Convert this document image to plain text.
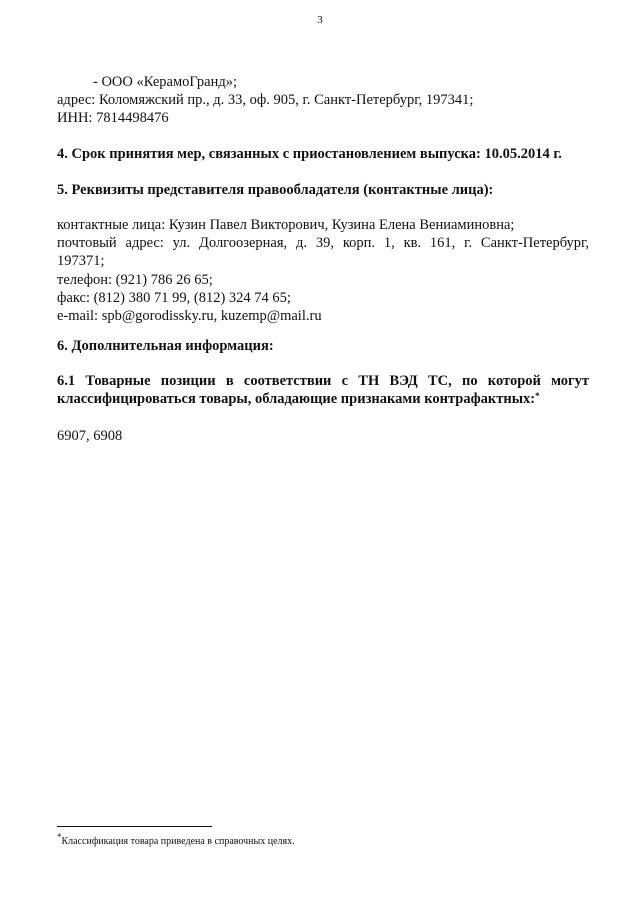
3
- ООО «КерамоГранд»;
адрес: Коломяжский пр., д. 33, оф. 905, г. Санкт-Петербург, 197341;
ИНН: 7814498476
4. Срок принятия мер, связанных с приостановлением выпуска: 10.05.2014 г.
5. Реквизиты представителя правообладателя (контактные лица):
контактные лица: Кузин Павел Викторович, Кузина Елена Вениаминовна;
почтовый адрес: ул. Долгоозерная, д. 39, корп. 1, кв. 161, г. Санкт-Петербург,
197371;
телефон: (921) 786 26 65;
факс: (812) 380 71 99, (812) 324 74 65;
e-mail: spb@gorodissky.ru, kuzemp@mail.ru
6. Дополнительная информация:
6.1 Товарные позиции в соответствии с ТН ВЭД ТС, по которой могут
классифицироваться товары, обладающие признаками контрафактных:*
6907, 6908
*Классификация товара приведена в справочных целях.
